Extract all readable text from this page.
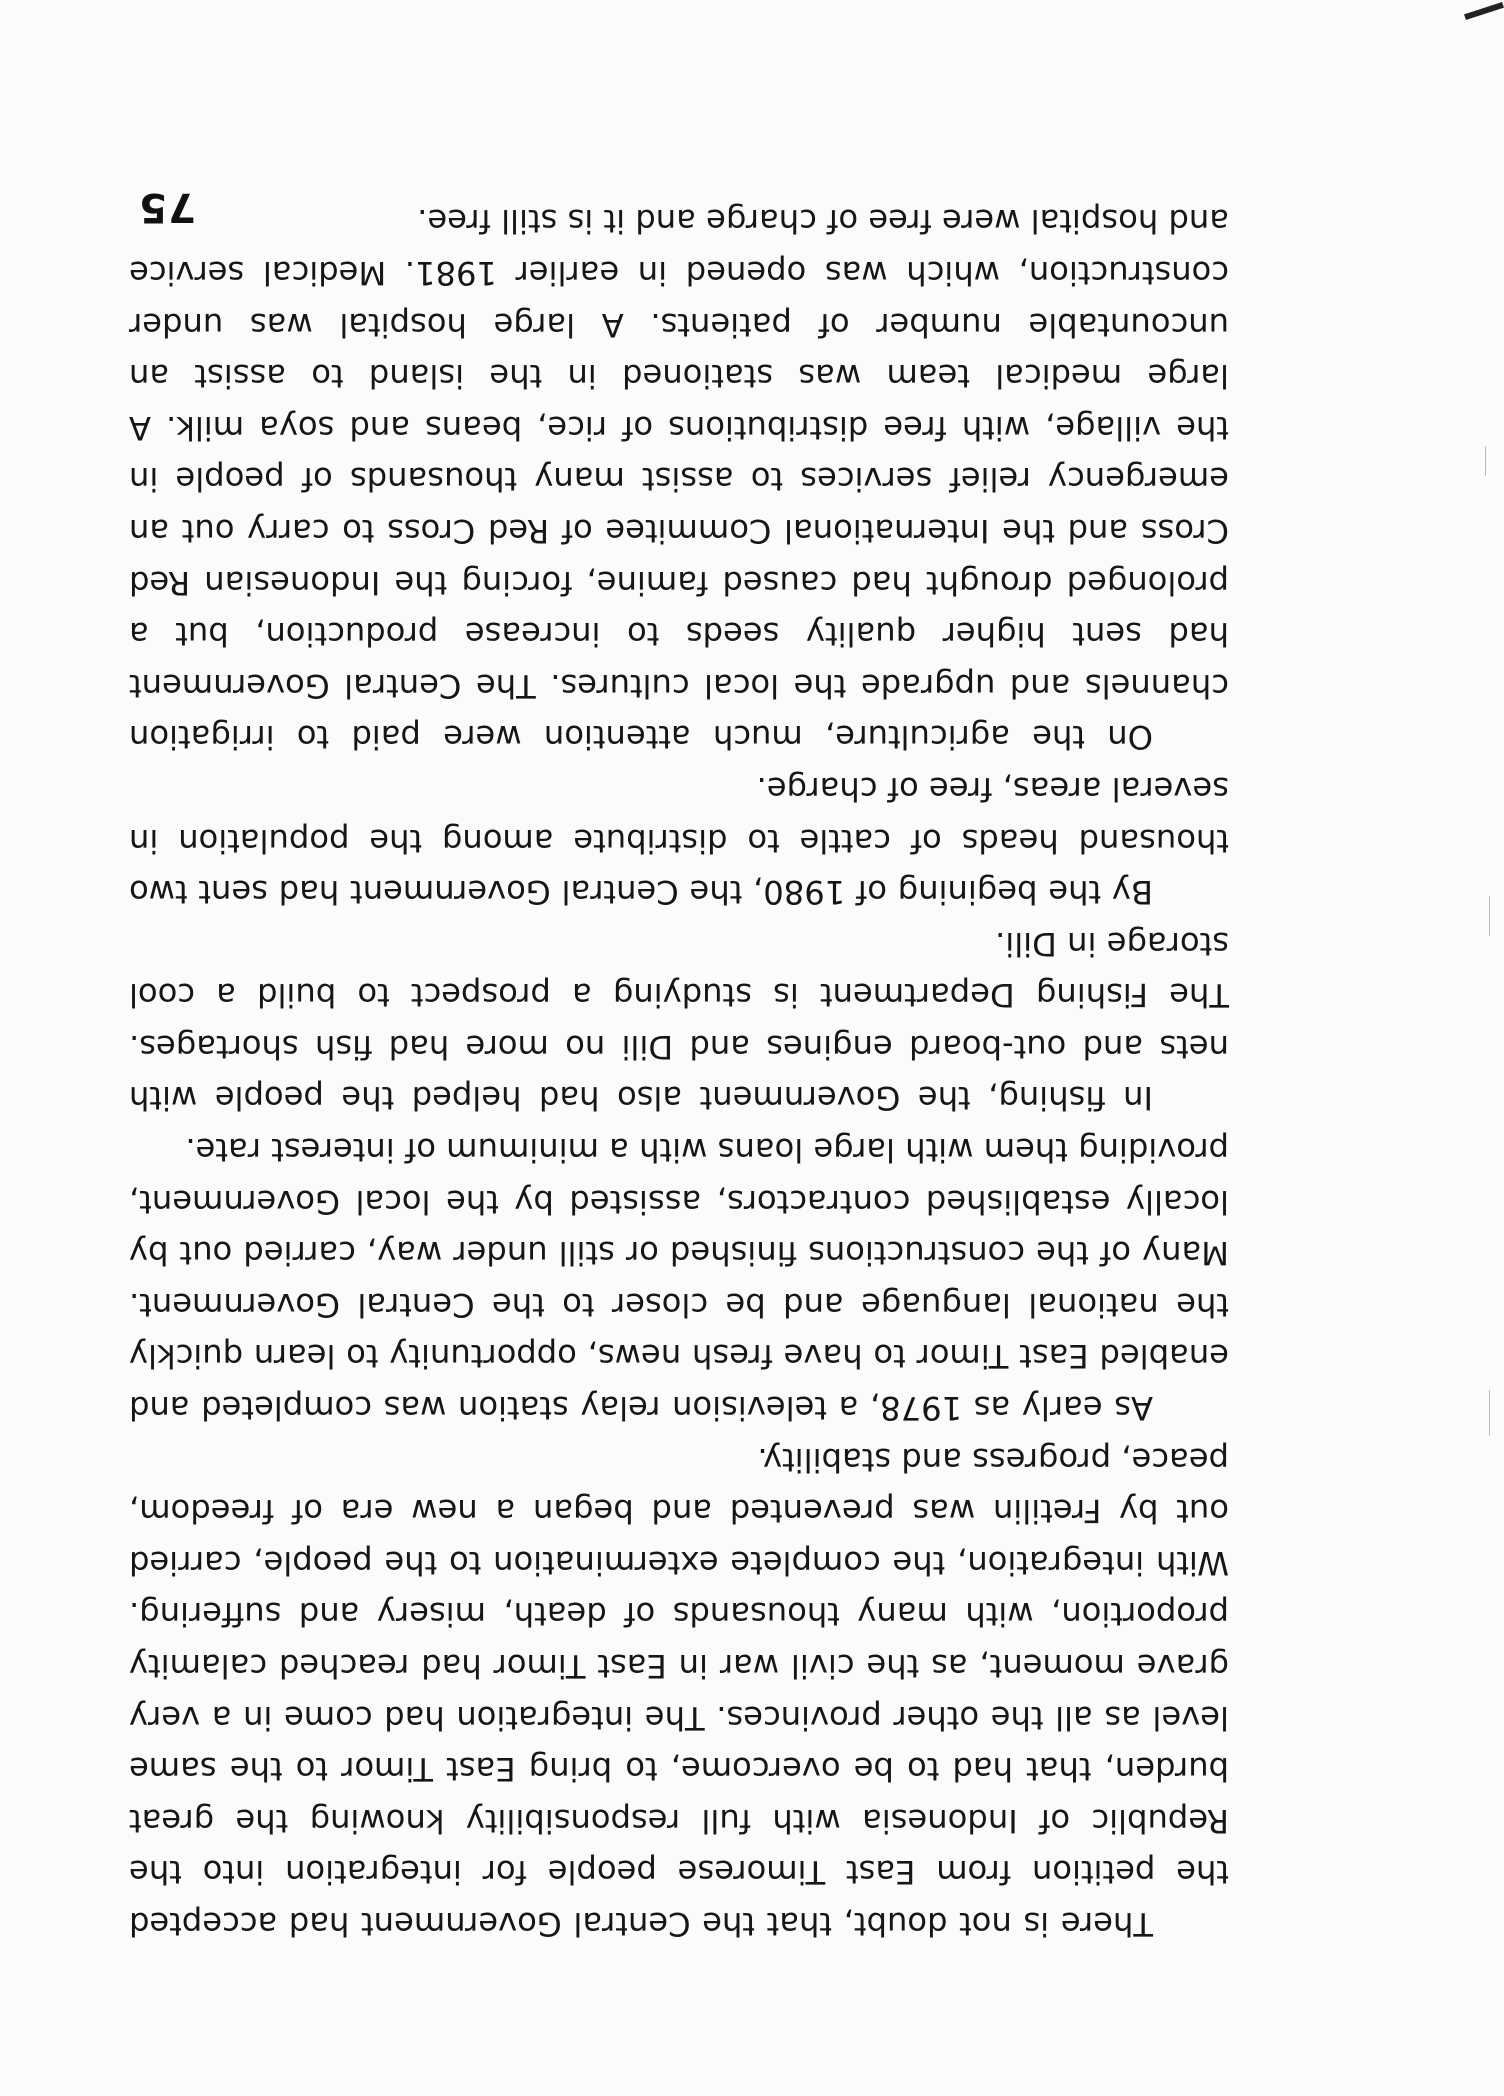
There is not doubt, that the Central Government had accepted the petition from East Timorese people for integration into the Republic of Indonesia with full responsibility knowing the great burden, that had to be overcome, to bring East Timor to the same level as all the other provinces. The integration had come in a very grave moment, as the civil war in East Timor had reached calamity proportion, with many thousands of death, misery and suffering. With integration, the complete extermination to the people, carried out by Fretilin was prevented and began a new era of freedom, peace, progress and stability.

As early as 1978, a television relay station was completed and enabled East Timor to have fresh news, opportunity to learn quickly the national language and be closer to the Central Government. Many of the constructions finished or still under way, carried out by locally established contractors, assisted by the local Government, providing them with large loans with a minimum of interest rate.

In fishing, the Government also had helped the people with nets and out-board engines and Dili no more had fish shortages. The Fishing Department is studying a prospect to build a cool storage in Dili.

By the begining of 1980, the Central Government had sent two thousand heads of cattle to distribute among the population in several areas, free of charge.

On the agriculture, much attention were paid to irrigation channels and upgrade the local cultures. The Central Government had sent higher quality seeds to increase production, but a prolonged drought had caused famine, forcing the Indonesian Red Cross and the International Commitee of Red Cross to carry out an emergency relief services to assist many thousands of people in the village, with free distributions of rice, beans and soya milk. A large medical team was stationed in the island to assist an uncountable number of patients. A large hospital was under construction, which was opened in earlier 1981. Medical service and hospital were free of charge and it is still free.

75
